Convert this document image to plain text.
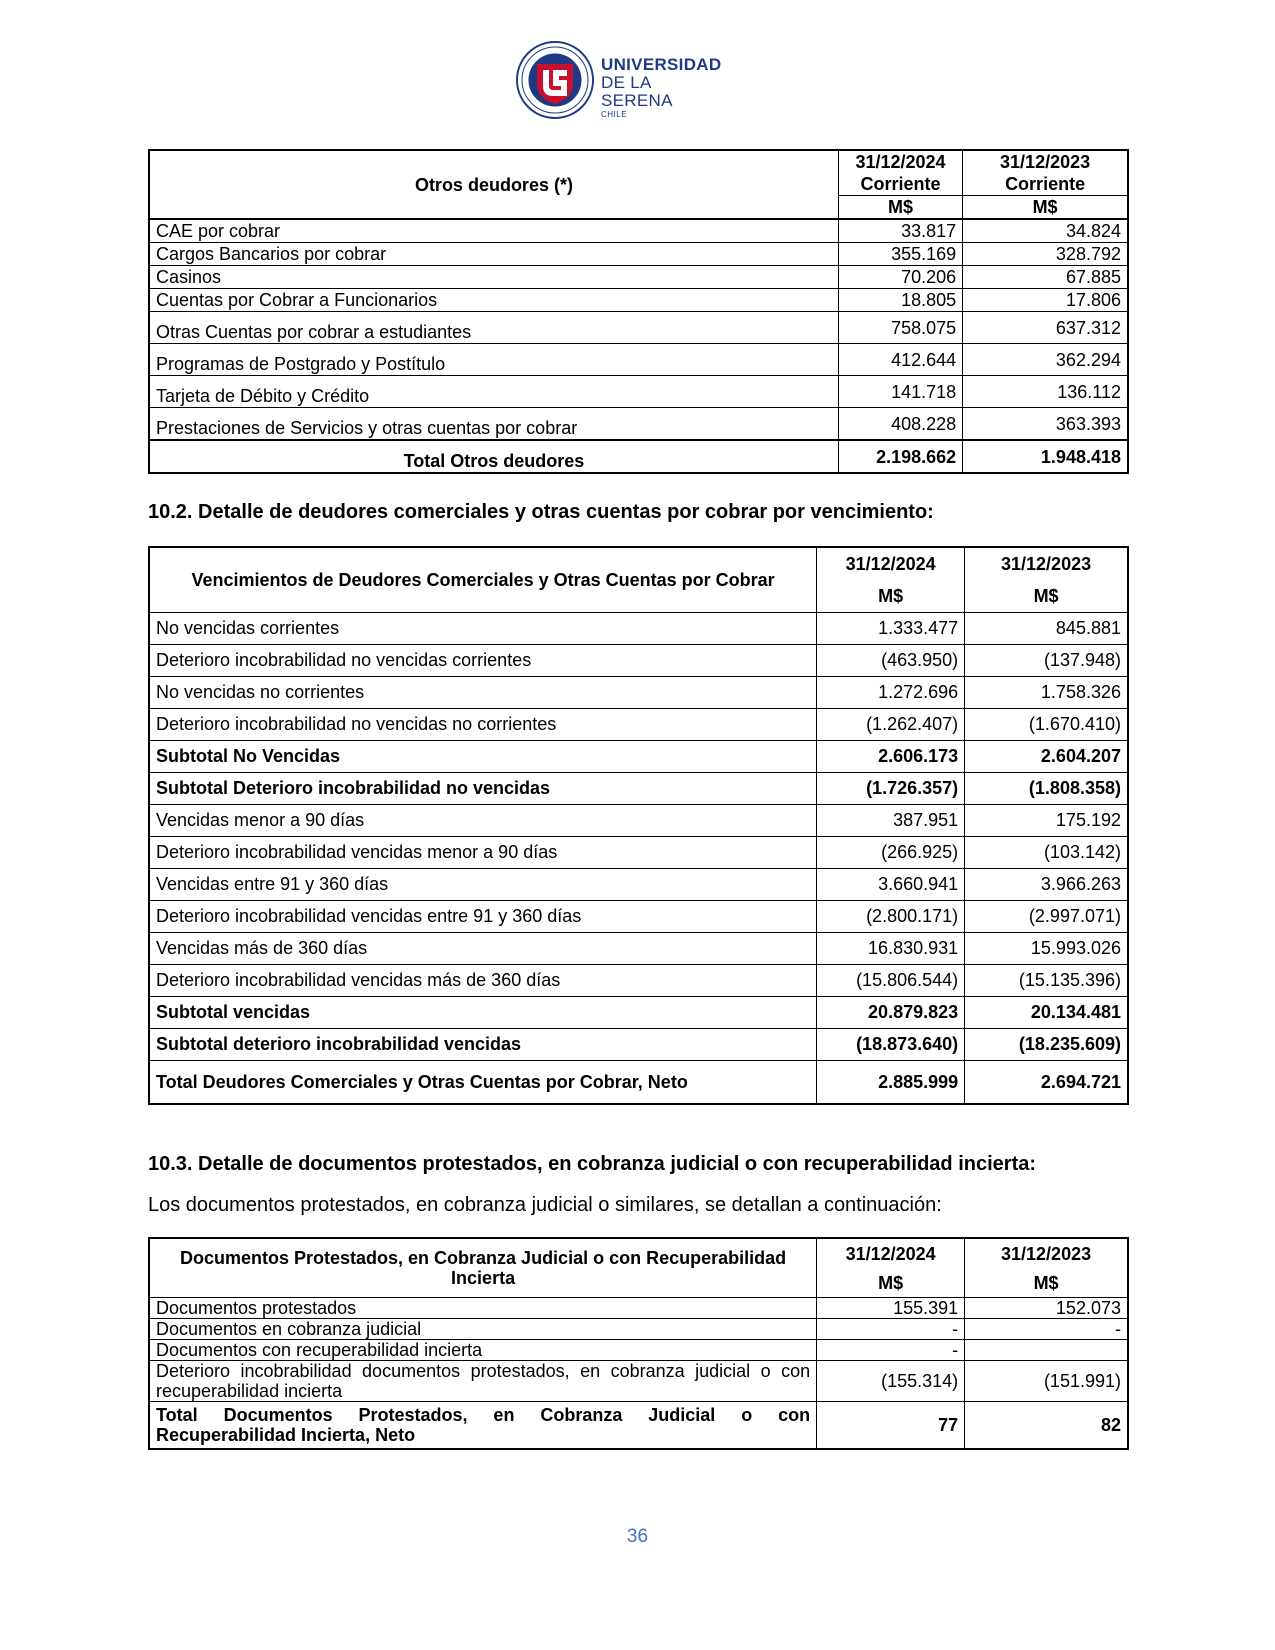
UNIVERSIDAD
DE LA SERENA
CHILE
Otros deudores (*)	31/12/2024	31/12/2023
	Corriente	Corriente
	M$	M$
CAE por cobrar	33.817	34.824
Cargos Bancarios por cobrar	355.169	328.792
Casinos	70.206	67.885
Cuentas por Cobrar a Funcionarios	18.805	17.806
Otras Cuentas por cobrar a estudiantes	758.075	637.312
Programas de Postgrado y Postítulo	412.644	362.294
Tarjeta de Débito y Crédito	141.718	136.112
Prestaciones de Servicios y otras cuentas por cobrar	408.228	363.393
Total Otros deudores	2.198.662	1.948.418
10.2. Detalle de deudores comerciales y otras cuentas por cobrar por vencimiento:
Vencimientos de Deudores Comerciales y Otras Cuentas por Cobrar	31/12/2024	31/12/2023
	M$	M$
No vencidas corrientes	1.333.477	845.881
Deterioro incobrabilidad no vencidas corrientes	(463.950)	(137.948)
No vencidas no corrientes	1.272.696	1.758.326
Deterioro incobrabilidad no vencidas no corrientes	(1.262.407)	(1.670.410)
Subtotal No Vencidas	2.606.173	2.604.207
Subtotal Deterioro incobrabilidad no vencidas	(1.726.357)	(1.808.358)
Vencidas menor a 90 días	387.951	175.192
Deterioro incobrabilidad vencidas menor a 90 días	(266.925)	(103.142)
Vencidas entre 91 y 360 días	3.660.941	3.966.263
Deterioro incobrabilidad vencidas entre 91 y 360 días	(2.800.171)	(2.997.071)
Vencidas más de 360 días	16.830.931	15.993.026
Deterioro incobrabilidad vencidas más de 360 días	(15.806.544)	(15.135.396)
Subtotal vencidas	20.879.823	20.134.481
Subtotal deterioro incobrabilidad vencidas	(18.873.640)	(18.235.609)
Total Deudores Comerciales y Otras Cuentas por Cobrar, Neto	2.885.999	2.694.721
10.3. Detalle de documentos protestados, en cobranza judicial o con recuperabilidad incierta:
Los documentos protestados, en cobranza judicial o similares, se detallan a continuación:
Documentos Protestados, en Cobranza Judicial o con Recuperabilidad Incierta	31/12/2024	31/12/2023
	M$	M$
Documentos protestados	155.391	152.073
Documentos en cobranza judicial	-	-
Documentos con recuperabilidad incierta	-	
Deterioro incobrabilidad documentos protestados, en cobranza judicial o con recuperabilidad incierta	(155.314)	(151.991)

Total Documentos Protestados, en Cobranza Judicial o con
Recuperabilidad Incierta, Neto	77	82
36
